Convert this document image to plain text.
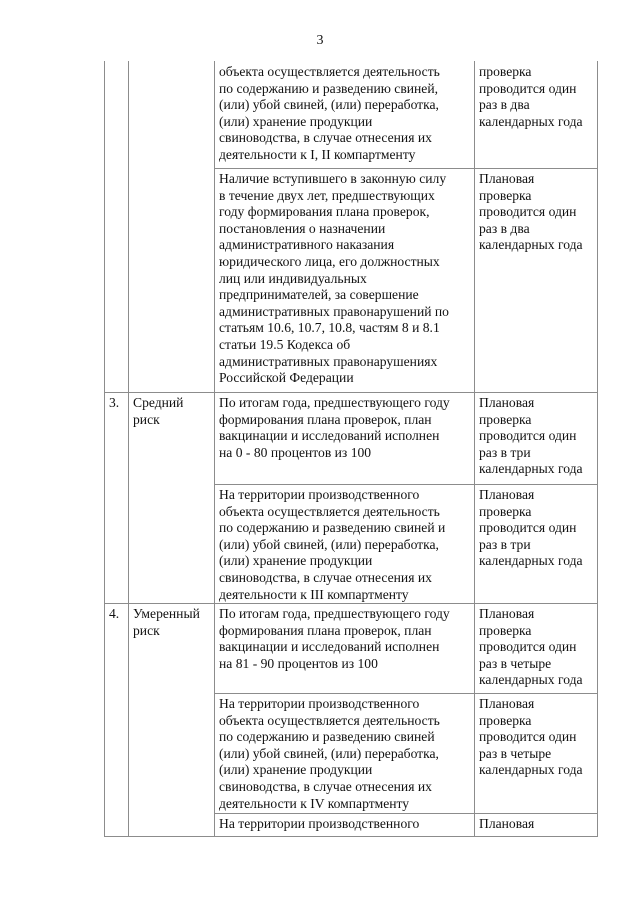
3
объекта осуществляется деятельность
по содержанию и разведению свиней,
(или) убой свиней, (или) переработка,
(или) хранение продукции
свиноводства, в случае отнесения их
деятельности к I, II компартменту
проверка
проводится один
раз в два
календарных года
Наличие вступившего в законную силу
в течение двух лет, предшествующих
году формирования плана проверок,
постановления о назначении
административного наказания
юридического лица, его должностных
лиц или индивидуальных
предпринимателей, за совершение
административных правонарушений по
статьям 10.6, 10.7, 10.8, частям 8 и 8.1
статьи 19.5 Кодекса об
административных правонарушениях
Российской Федерации
Плановая
проверка
проводится один
раз в два
календарных года
3. Средний
риск
По итогам года, предшествующего году
формирования плана проверок, план
вакцинации и исследований исполнен
на 0 - 80 процентов из 100
Плановая
проверка
проводится один
раз в три
календарных года
На территории производственного
объекта осуществляется деятельность
по содержанию и разведению свиней и
(или) убой свиней, (или) переработка,
(или) хранение продукции
свиноводства, в случае отнесения их
деятельности к III компартменту
Плановая
проверка
проводится один
раз в три
календарных года
4. Умеренный
риск
По итогам года, предшествующего году
формирования плана проверок, план
вакцинации и исследований исполнен
на 81 - 90 процентов из 100
Плановая
проверка
проводится один
раз в четыре
календарных года
На территории производственного
объекта осуществляется деятельность
по содержанию и разведению свиней
(или) убой свиней, (или) переработка,
(или) хранение продукции
свиноводства, в случае отнесения их
деятельности к IV компартменту
Плановая
проверка
проводится один
раз в четыре
календарных года
На территории производственного	Плановая
